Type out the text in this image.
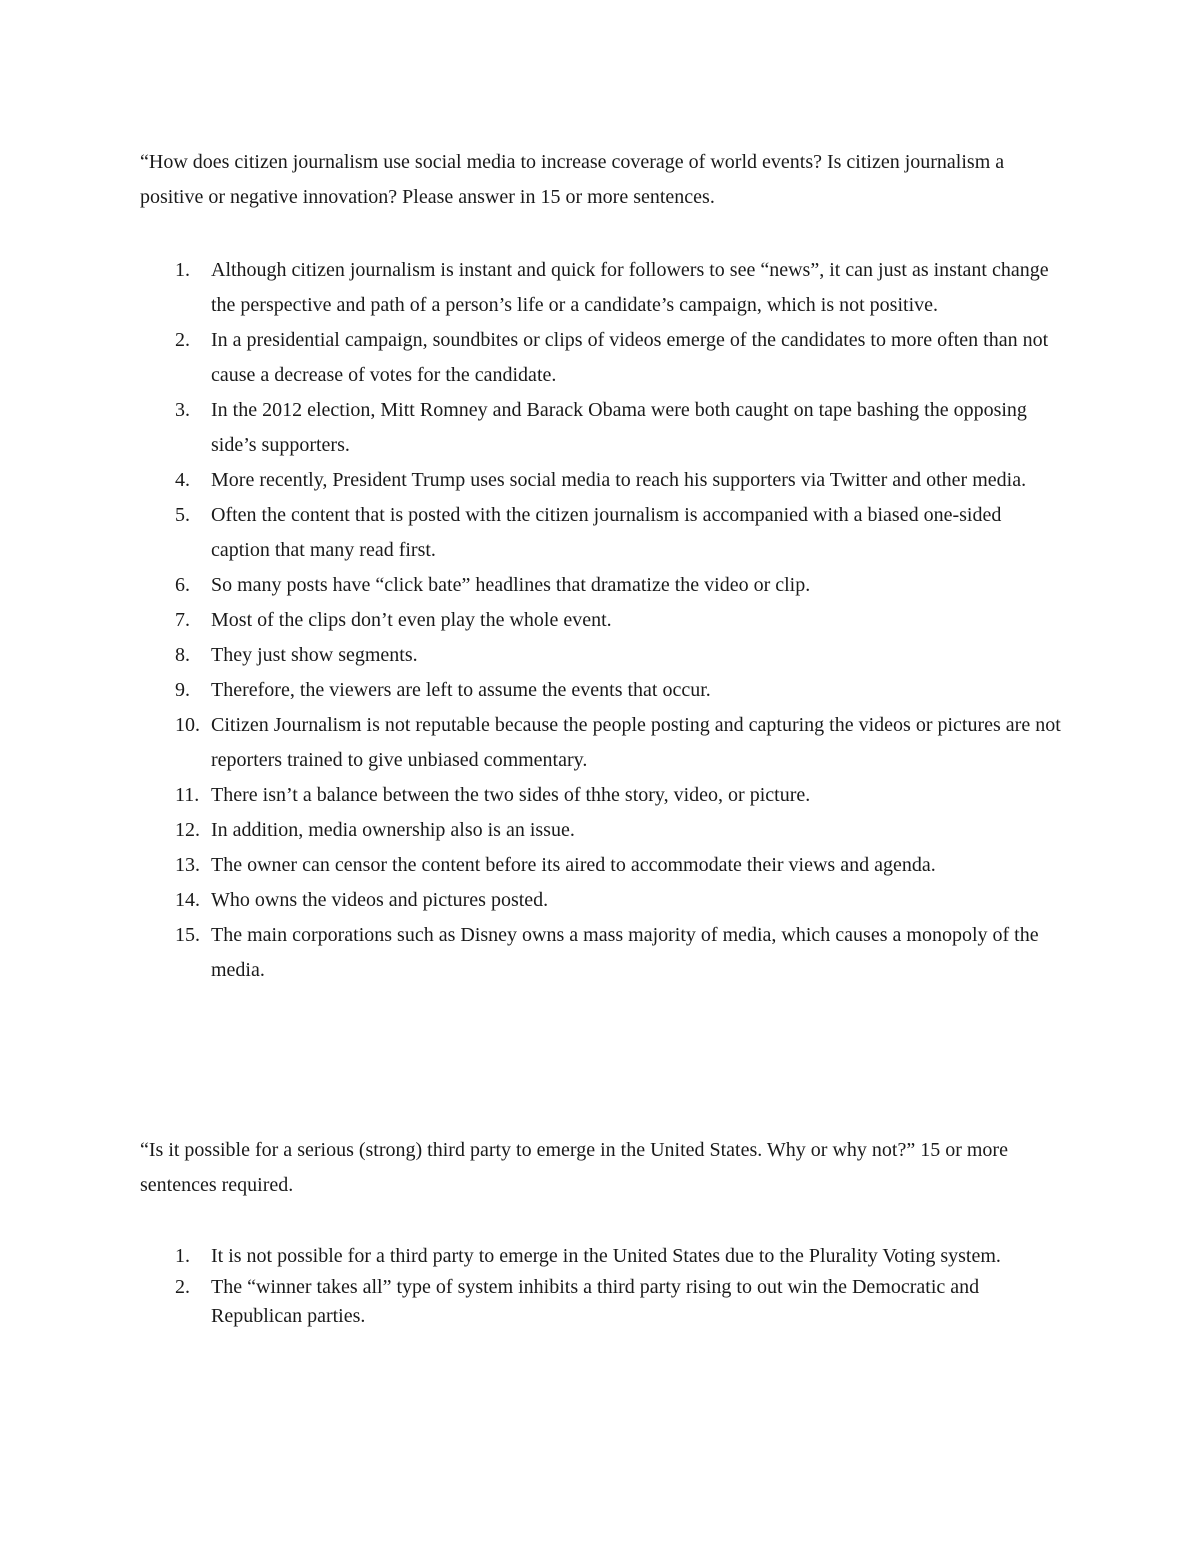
“How does citizen journalism use social media to increase coverage of world events? Is citizen journalism a positive or negative innovation? Please answer in 15 or more sentences.

1.	Although citizen journalism is instant and quick for followers to see “news”, it can just as instant change the perspective and path of a person’s life or a candidate’s campaign, which is not positive.
2.	In a presidential campaign, soundbites or clips of videos emerge of the candidates to more often than not cause a decrease of votes for the candidate.
3.	In the 2012 election, Mitt Romney and Barack Obama were both caught on tape bashing the opposing side’s supporters.
4.	More recently, President Trump uses social media to reach his supporters via Twitter and other media.
5.	Often the content that is posted with the citizen journalism is accompanied with a biased one-sided caption that many read first.
6.	So many posts have “click bate” headlines that dramatize the video or clip.
7.	Most of the clips don’t even play the whole event.
8.	They just show segments.
9.	Therefore, the viewers are left to assume the events that occur.
10. Citizen Journalism is not reputable because the people posting and capturing the videos or pictures are not reporters trained to give unbiased commentary.
11. There isn’t a balance between the two sides of thhe story, video, or picture.
12. In addition, media ownership also is an issue.
13. The owner can censor the content before its aired to accommodate their views and agenda.
14. Who owns the videos and pictures posted.
15. The main corporations such as Disney owns a mass majority of media, which causes a monopoly of the media.

“Is it possible for a serious (strong) third party to emerge in the United States. Why or why not?” 15 or more sentences required.

1.	It is not possible for a third party to emerge in the United States due to the Plurality Voting system.
2.	The “winner takes all” type of system inhibits a third party rising to out win the Democratic and Republican parties.
